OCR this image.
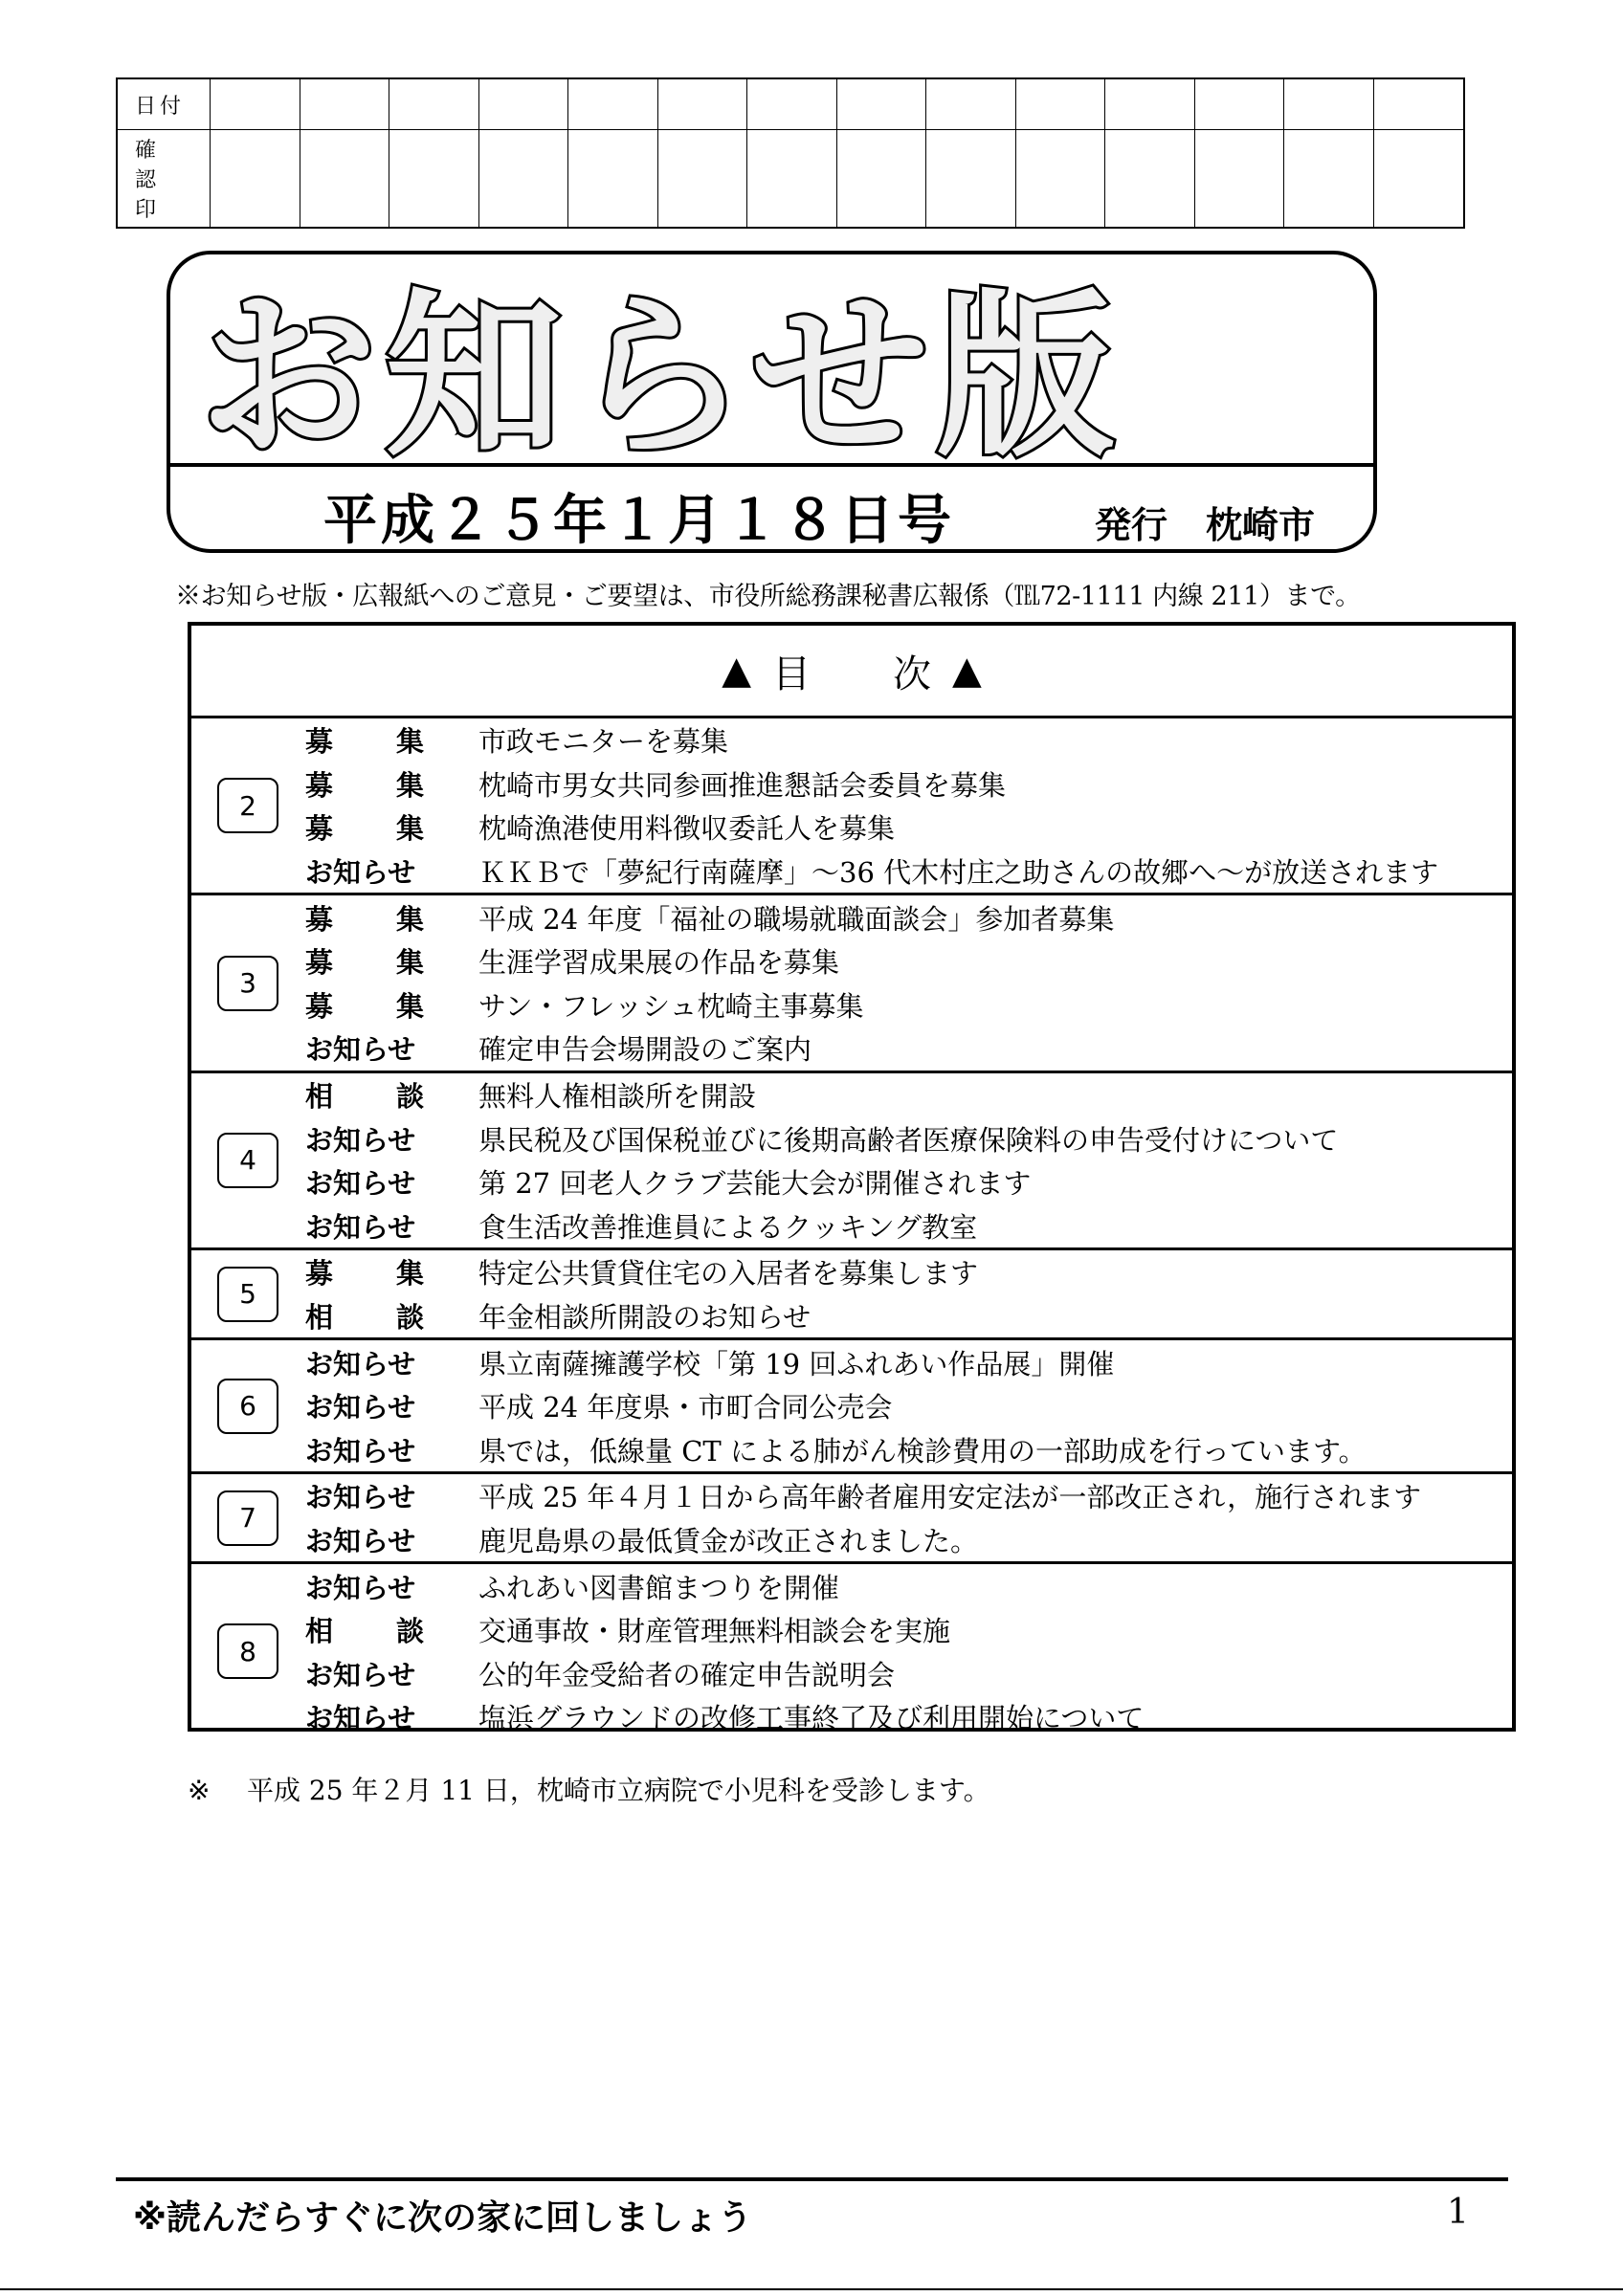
日付
確 認
印
お知らせ版
平成２５年１月１８日号	発行 枕崎市
※お知らせ版・広報紙へのご意見・ご要望は、市役所総務課秘書広報係（℡72-1111 内線 211）まで。
▲ 目 次 ▲
2
募 集 市政モニターを募集
募 集 枕崎市男女共同参画推進懇話会委員を募集
募 集 枕崎漁港使用料徴収委託人を募集
お知らせ ＫＫＢで「夢紀行南薩摩」～36 代木村庄之助さんの故郷へ～が放送されます
3
募 集 平成 24 年度「福祉の職場就職面談会」参加者募集
募 集 生涯学習成果展の作品を募集
募 集 サン・フレッシュ枕崎主事募集
お知らせ 確定申告会場開設のご案内
4
相 談 無料人権相談所を開設
お知らせ 県民税及び国保税並びに後期高齢者医療保険料の申告受付けについて
お知らせ 第 27 回老人クラブ芸能大会が開催されます
お知らせ 食生活改善推進員によるクッキング教室
5
募 集 特定公共賃貸住宅の入居者を募集します
相 談 年金相談所開設のお知らせ
6
お知らせ 県立南薩擁護学校「第 19 回ふれあい作品展」開催
お知らせ 平成 24 年度県・市町合同公売会
お知らせ 県では，低線量 CT による肺がん検診費用の一部助成を行っています。
7
お知らせ 平成 25 年４月１日から高年齢者雇用安定法が一部改正され，施行されます
お知らせ 鹿児島県の最低賃金が改正されました。
8
お知らせ ふれあい図書館まつりを開催
相 談 交通事故・財産管理無料相談会を実施
お知らせ 公的年金受給者の確定申告説明会
お知らせ 塩浜グラウンドの改修工事終了及び利用開始について
※ 平成 25 年２月 11 日，枕崎市立病院で小児科を受診します。
※読んだらすぐに次の家に回しましょう	1
